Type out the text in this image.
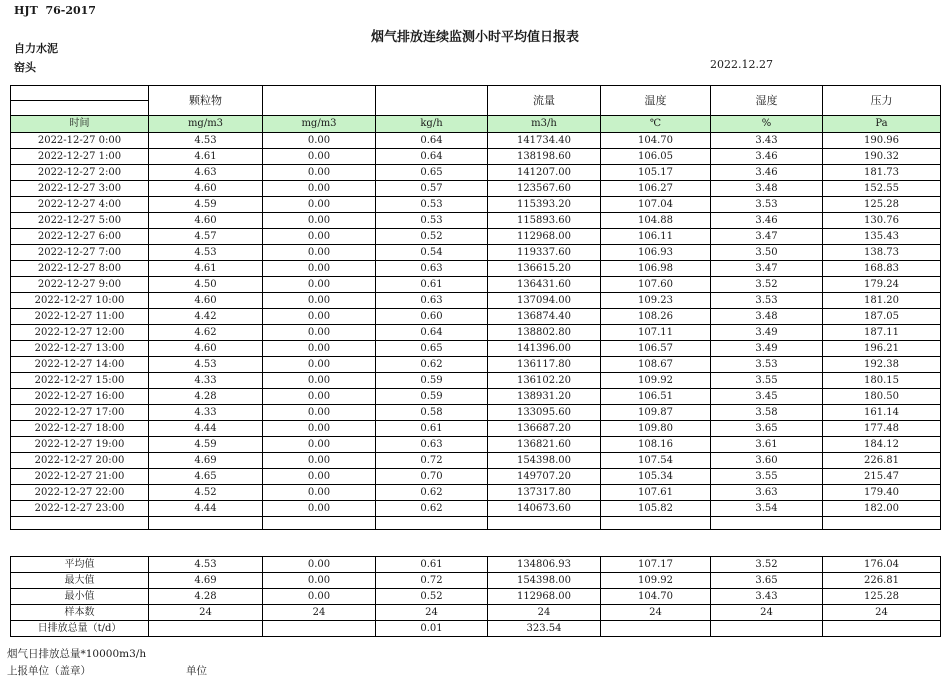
HJT  76-2017
烟气排放连续监测小时平均值日报表
自力水泥
窑头	2022.12.27
	颗粒物			流量	温度	湿度	压力

时间	mg/m3	mg/m3	kg/h	m3/h	℃	%	Pa
2022-12-27 0:00	4.53	0.00	0.64	141734.40	104.70	3.43	190.96
2022-12-27 1:00	4.61	0.00	0.64	138198.60	106.05	3.46	190.32
2022-12-27 2:00	4.63	0.00	0.65	141207.00	105.17	3.46	181.73
2022-12-27 3:00	4.60	0.00	0.57	123567.60	106.27	3.48	152.55
2022-12-27 4:00	4.59	0.00	0.53	115393.20	107.04	3.53	125.28
2022-12-27 5:00	4.60	0.00	0.53	115893.60	104.88	3.46	130.76
2022-12-27 6:00	4.57	0.00	0.52	112968.00	106.11	3.47	135.43
2022-12-27 7:00	4.53	0.00	0.54	119337.60	106.93	3.50	138.73
2022-12-27 8:00	4.61	0.00	0.63	136615.20	106.98	3.47	168.83
2022-12-27 9:00	4.50	0.00	0.61	136431.60	107.60	3.52	179.24
2022-12-27 10:00	4.60	0.00	0.63	137094.00	109.23	3.53	181.20
2022-12-27 11:00	4.42	0.00	0.60	136874.40	108.26	3.48	187.05
2022-12-27 12:00	4.62	0.00	0.64	138802.80	107.11	3.49	187.11
2022-12-27 13:00	4.60	0.00	0.65	141396.00	106.57	3.49	196.21
2022-12-27 14:00	4.53	0.00	0.62	136117.80	108.67	3.53	192.38
2022-12-27 15:00	4.33	0.00	0.59	136102.20	109.92	3.55	180.15
2022-12-27 16:00	4.28	0.00	0.59	138931.20	106.51	3.45	180.50
2022-12-27 17:00	4.33	0.00	0.58	133095.60	109.87	3.58	161.14
2022-12-27 18:00	4.44	0.00	0.61	136687.20	109.80	3.65	177.48
2022-12-27 19:00	4.59	0.00	0.63	136821.60	108.16	3.61	184.12
2022-12-27 20:00	4.69	0.00	0.72	154398.00	107.54	3.60	226.81
2022-12-27 21:00	4.65	0.00	0.70	149707.20	105.34	3.55	215.47
2022-12-27 22:00	4.52	0.00	0.62	137317.80	107.61	3.63	179.40
2022-12-27 23:00	4.44	0.00	0.62	140673.60	105.82	3.54	182.00

平均值	4.53	0.00	0.61	134806.93	107.17	3.52	176.04
最大值	4.69	0.00	0.72	154398.00	109.92	3.65	226.81
最小值	4.28	0.00	0.52	112968.00	104.70	3.43	125.28
样本数	24	24	24	24	24	24	24
日排放总量（t/d）			0.01	323.54			
烟气日排放总量*10000m3/h
上报单位（盖章）	单位
